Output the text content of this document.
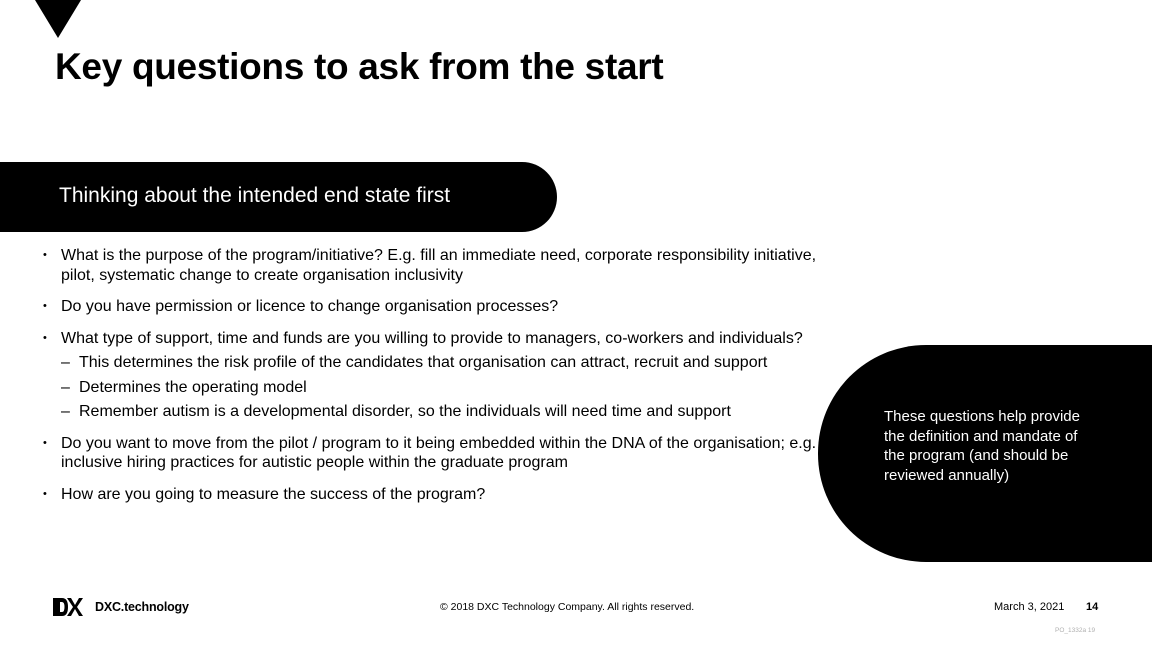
Key questions to ask from the start
Thinking about the intended end state first
• What is the purpose of the program/initiative? E.g. fill an immediate need, corporate responsibility initiative, pilot, systematic change to create organisation inclusivity
• Do you have permission or licence to change organisation processes?
• What type of support, time and funds are you willing to provide to managers, co-workers and individuals?
– This determines the risk profile of the candidates that organisation can attract, recruit and support
– Determines the operating model
– Remember autism is a developmental disorder, so the individuals will need time and support
• Do you want to move from the pilot / program to it being embedded within the DNA of the organisation; e.g. inclusive hiring practices for autistic people within the graduate program
• How are you going to measure the success of the program?
These questions help provide the definition and mandate of the program (and should be reviewed annually)
DXC.technology	© 2018 DXC Technology Company. All rights reserved.	March 3, 2021 14
PO_1332a 19
